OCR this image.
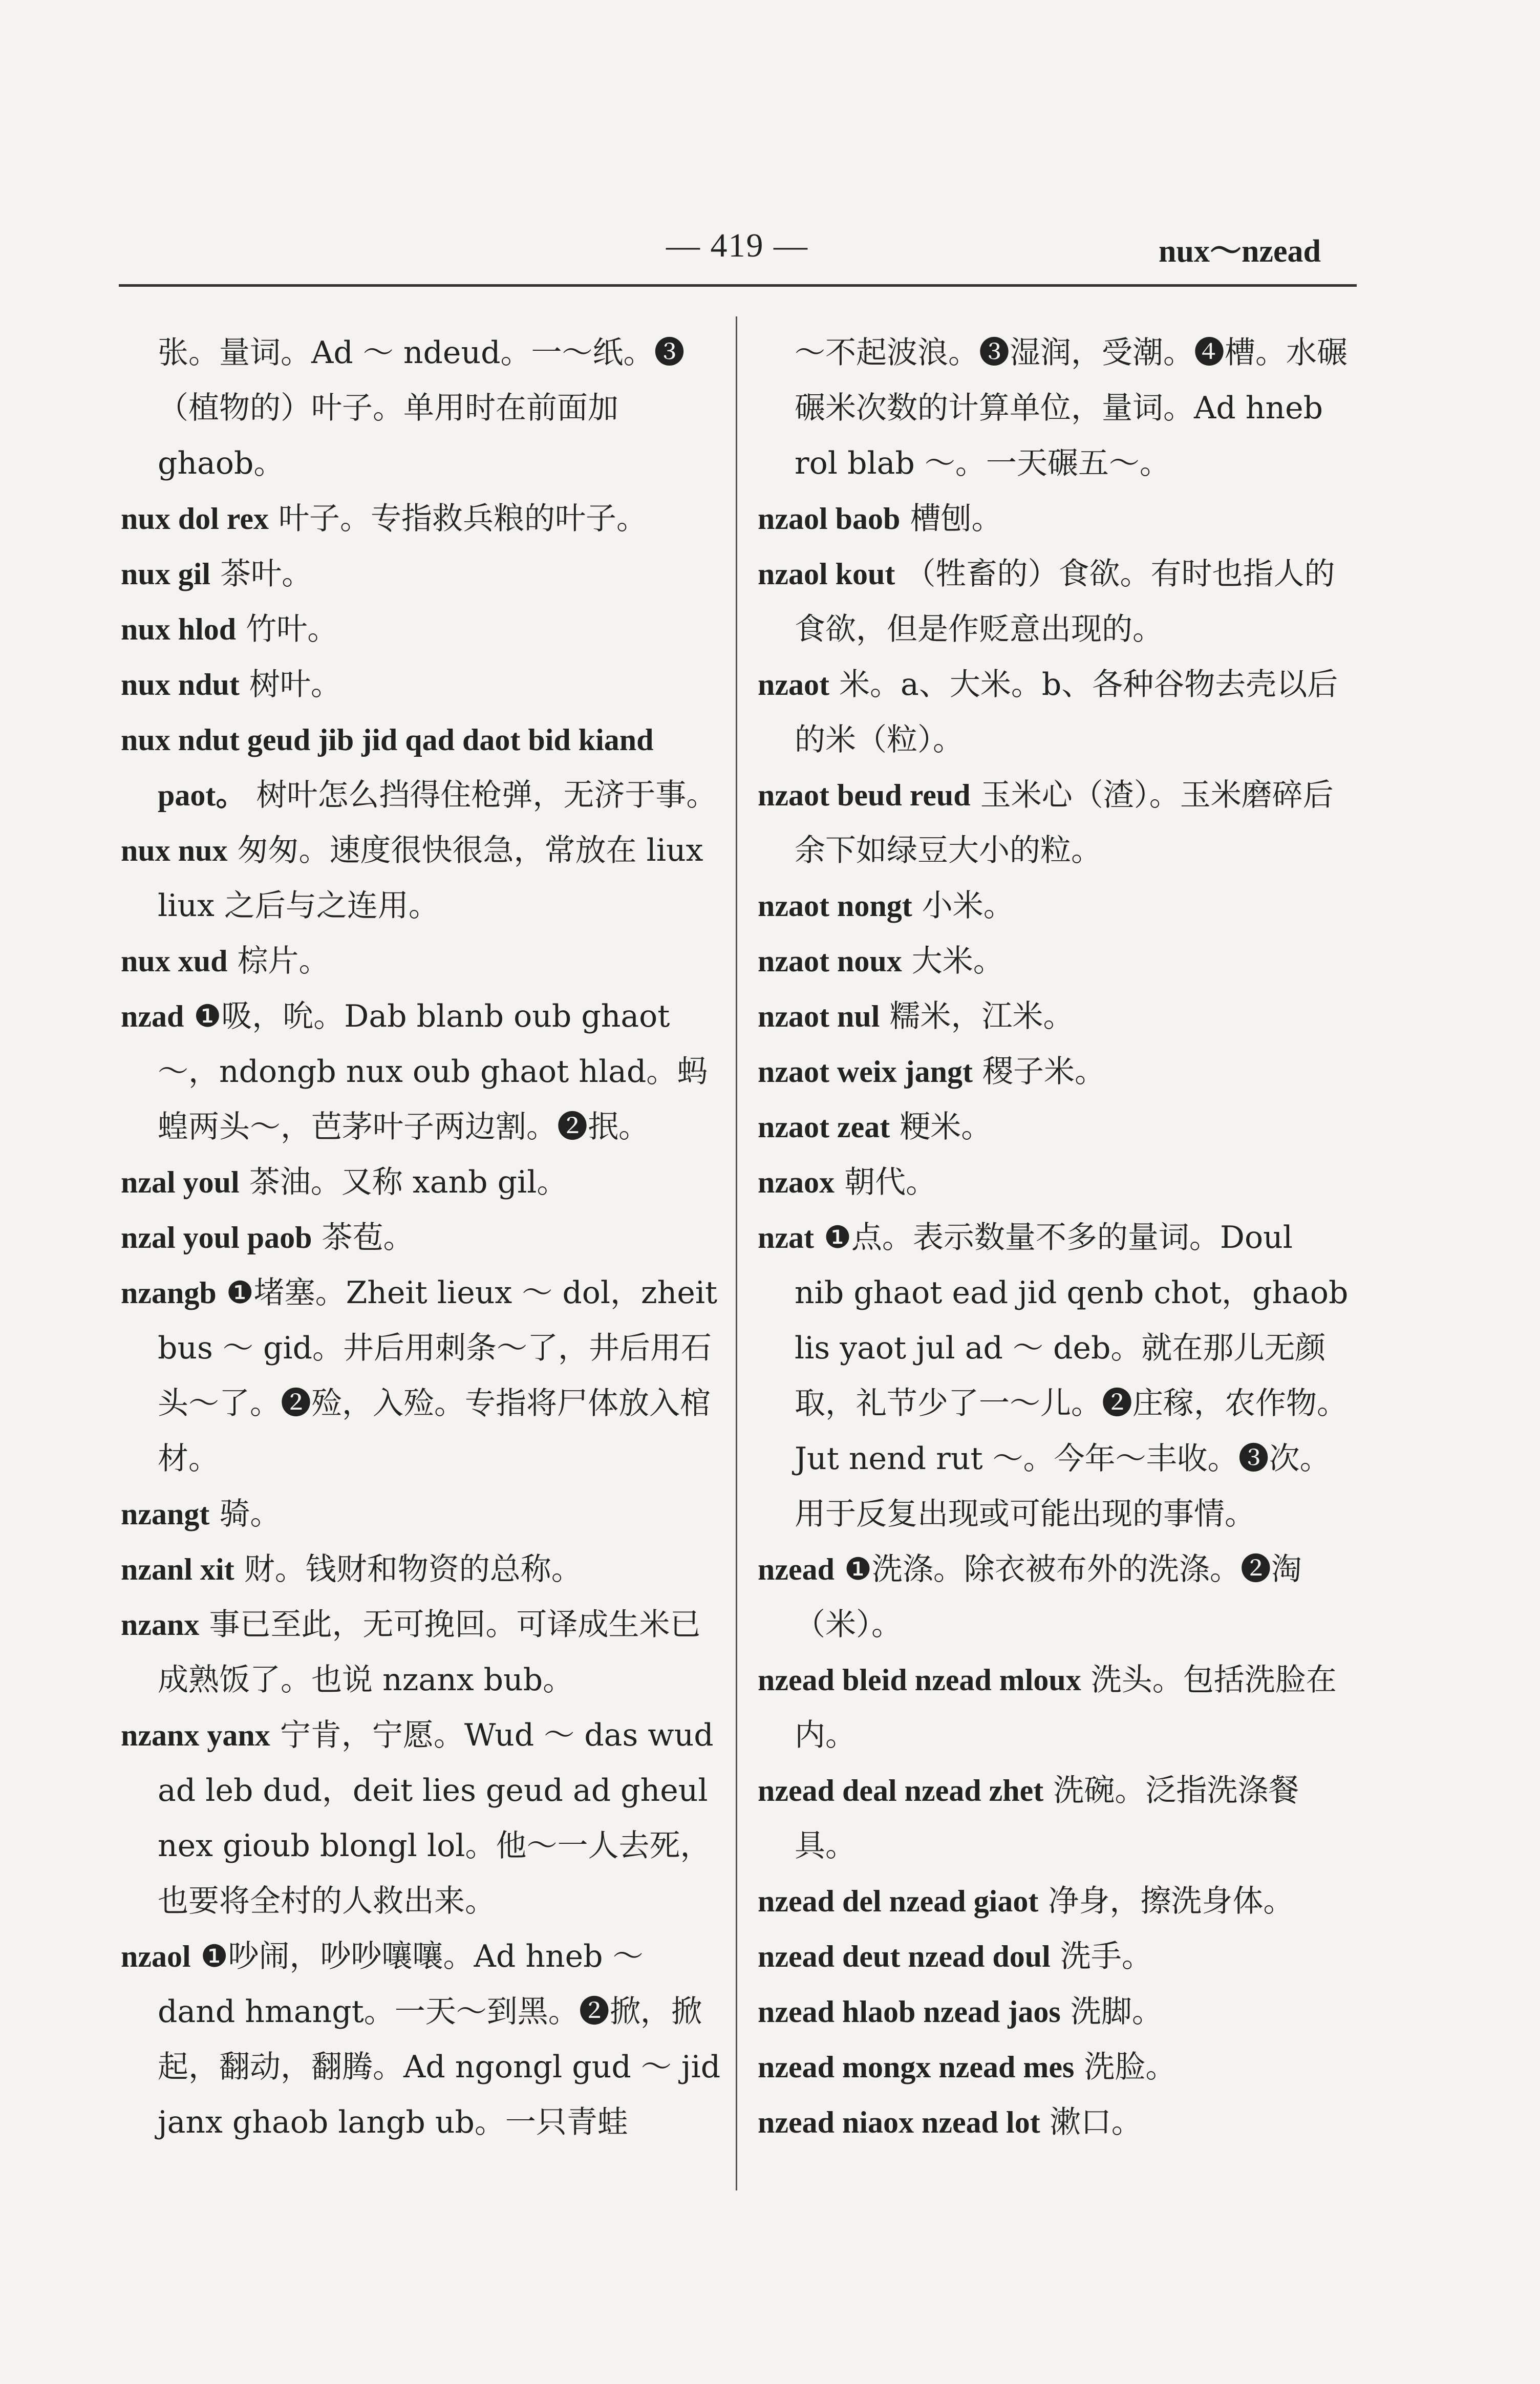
— 419 —	nux～nzead
张。量词。Ad ～ ndeud。一～纸。❸（植物的）叶子。单用时在前面加 ghaob。
nux dol rex 叶子。专指救兵粮的叶子。
nux gil 茶叶。
nux hlod 竹叶。
nux ndut 树叶。
nux ndut geud jib jid qad daot bid kiand paot。 树叶怎么挡得住枪弹，无济于事。
nux nux 匆匆。速度很快很急，常放在 liux liux 之后与之连用。
nux xud 棕片。
nzad ❶吸，吮。Dab blanb oub ghaot ～，ndongb nux oub ghaot hlad。蚂蝗两头～，芭茅叶子两边割。❷抿。
nzal youl 茶油。又称 xanb gil。
nzal youl paob 茶苞。
nzangb ❶堵塞。Zheit lieux ～ dol，zheit bus ～ gid。井后用刺条～了，井后用石头～了。❷殓，入殓。专指将尸体放入棺材。
nzangt 骑。
nzanl xit 财。钱财和物资的总称。
nzanx 事已至此，无可挽回。可译成生米已成熟饭了。也说 nzanx bub。
nzanx yanx 宁肯，宁愿。Wud ～ das wud ad leb dud，deit lies geud ad gheul nex gioub blongl lol。他～一人去死，也要将全村的人救出来。
nzaol ❶吵闹，吵吵嚷嚷。Ad hneb ～ dand hmangt。一天～到黑。❷掀，掀起，翻动，翻腾。Ad ngongl gud ～ jid janx ghaob langb ub。一只青蛙
～不起波浪。❸湿润，受潮。❹槽。水碾碾米次数的计算单位，量词。Ad hneb rol blab ～。一天碾五～。
nzaol baob 槽刨。
nzaol kout （牲畜的）食欲。有时也指人的食欲，但是作贬意出现的。
nzaot 米。a、大米。b、各种谷物去壳以后的米（粒）。
nzaot beud reud 玉米心（渣）。玉米磨碎后余下如绿豆大小的粒。
nzaot nongt 小米。
nzaot noux 大米。
nzaot nul 糯米，江米。
nzaot weix jangt 稷子米。
nzaot zeat 粳米。
nzaox 朝代。
nzat ❶点。表示数量不多的量词。Doul nib ghaot ead jid qenb chot，ghaob lis yaot jul ad ～ deb。就在那儿无颜取，礼节少了一～儿。❷庄稼，农作物。Jut nend rut ～。今年～丰收。❸次。用于反复出现或可能出现的事情。
nzead ❶洗涤。除衣被布外的洗涤。❷淘（米）。
nzead bleid nzead mloux 洗头。包括洗脸在内。
nzead deal nzead zhet 洗碗。泛指洗涤餐具。
nzead del nzead giaot 净身，擦洗身体。
nzead deut nzead doul 洗手。
nzead hlaob nzead jaos 洗脚。
nzead mongx nzead mes 洗脸。
nzead niaox nzead lot 漱口。
